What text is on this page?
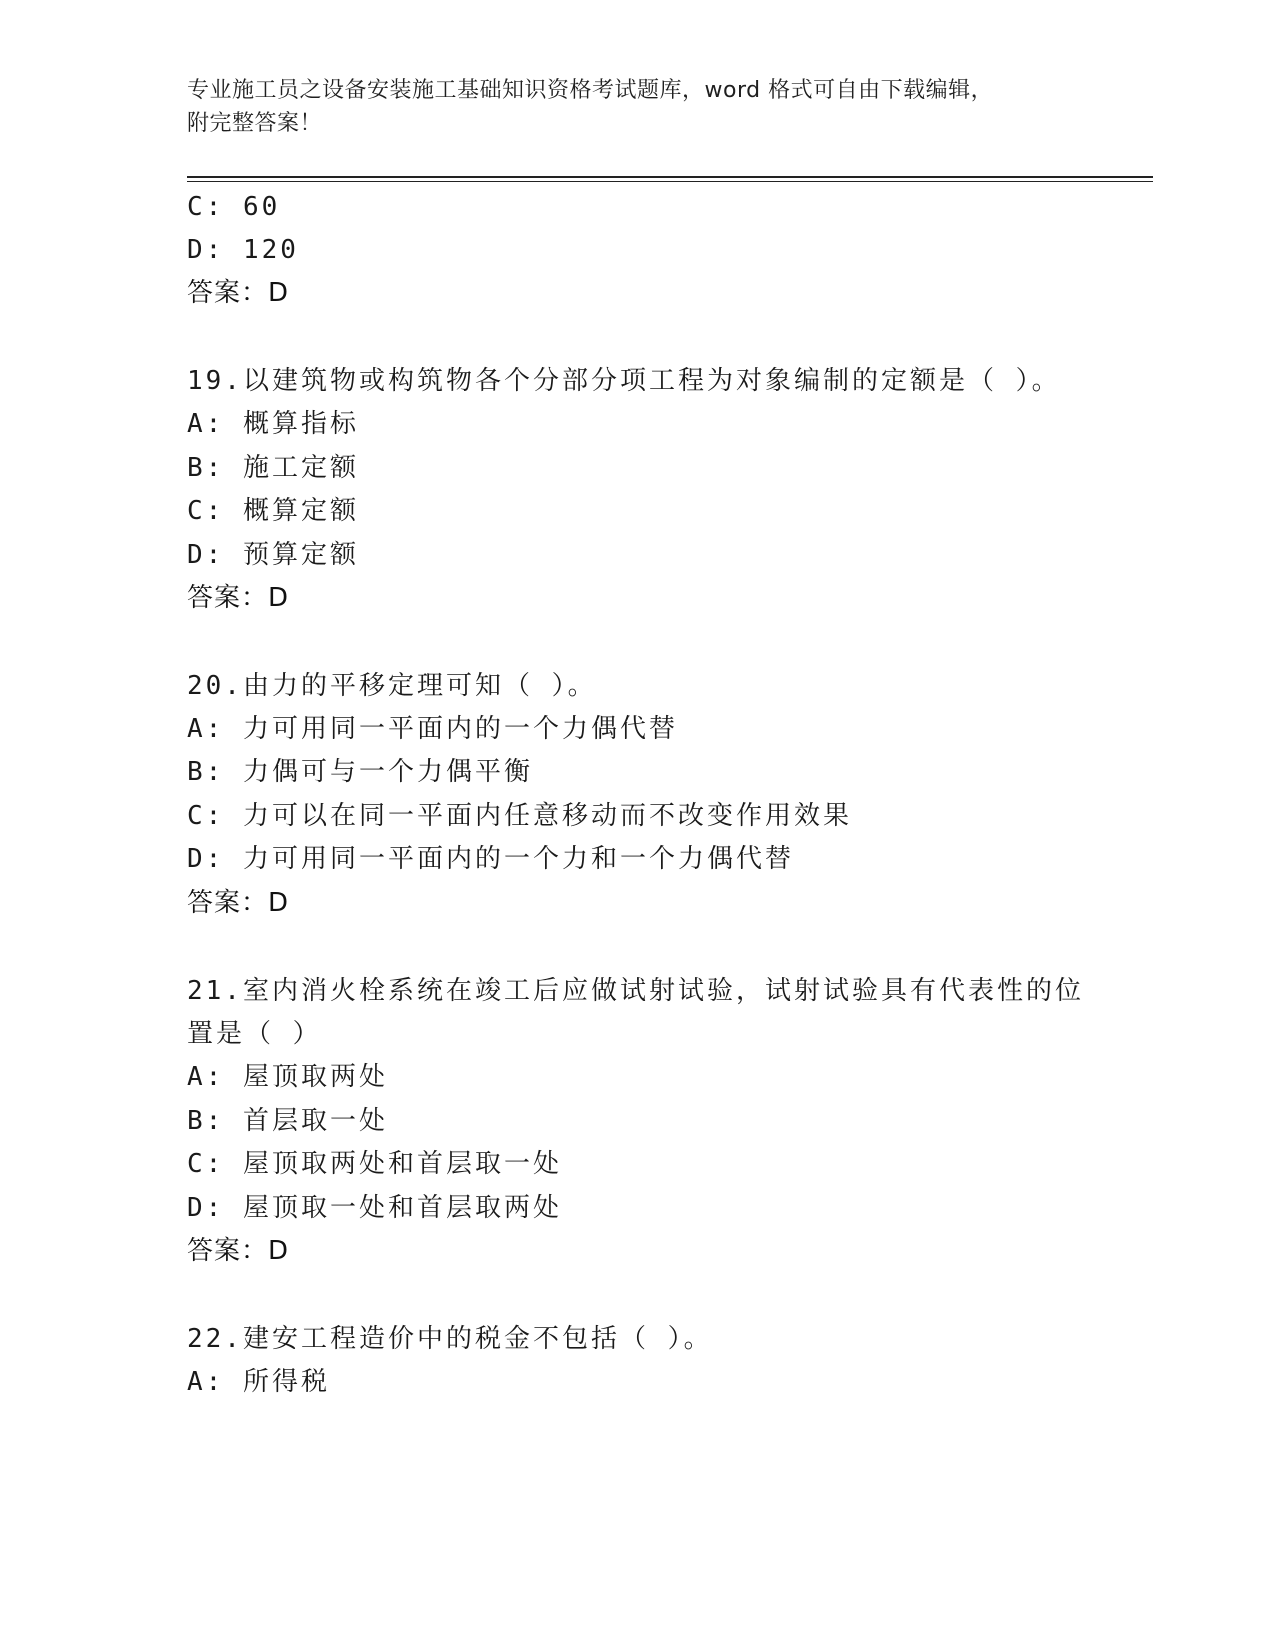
专业施工员之设备安装施工基础知识资格考试题库，word 格式可自由下载编辑，
附完整答案！
C: 60
D: 120
答案：D
19.以建筑物或构筑物各个分部分项工程为对象编制的定额是（ ）。
A: 概算指标
B: 施工定额
C: 概算定额
D: 预算定额
答案：D
20.由力的平移定理可知（ ）。
A: 力可用同一平面内的一个力偶代替
B: 力偶可与一个力偶平衡
C: 力可以在同一平面内任意移动而不改变作用效果
D: 力可用同一平面内的一个力和一个力偶代替
答案：D
21.室内消火栓系统在竣工后应做试射试验，试射试验具有代表性的位
置是（ ）
A: 屋顶取两处
B: 首层取一处
C: 屋顶取两处和首层取一处
D: 屋顶取一处和首层取两处
答案：D
22.建安工程造价中的税金不包括（ ）。
A: 所得税
